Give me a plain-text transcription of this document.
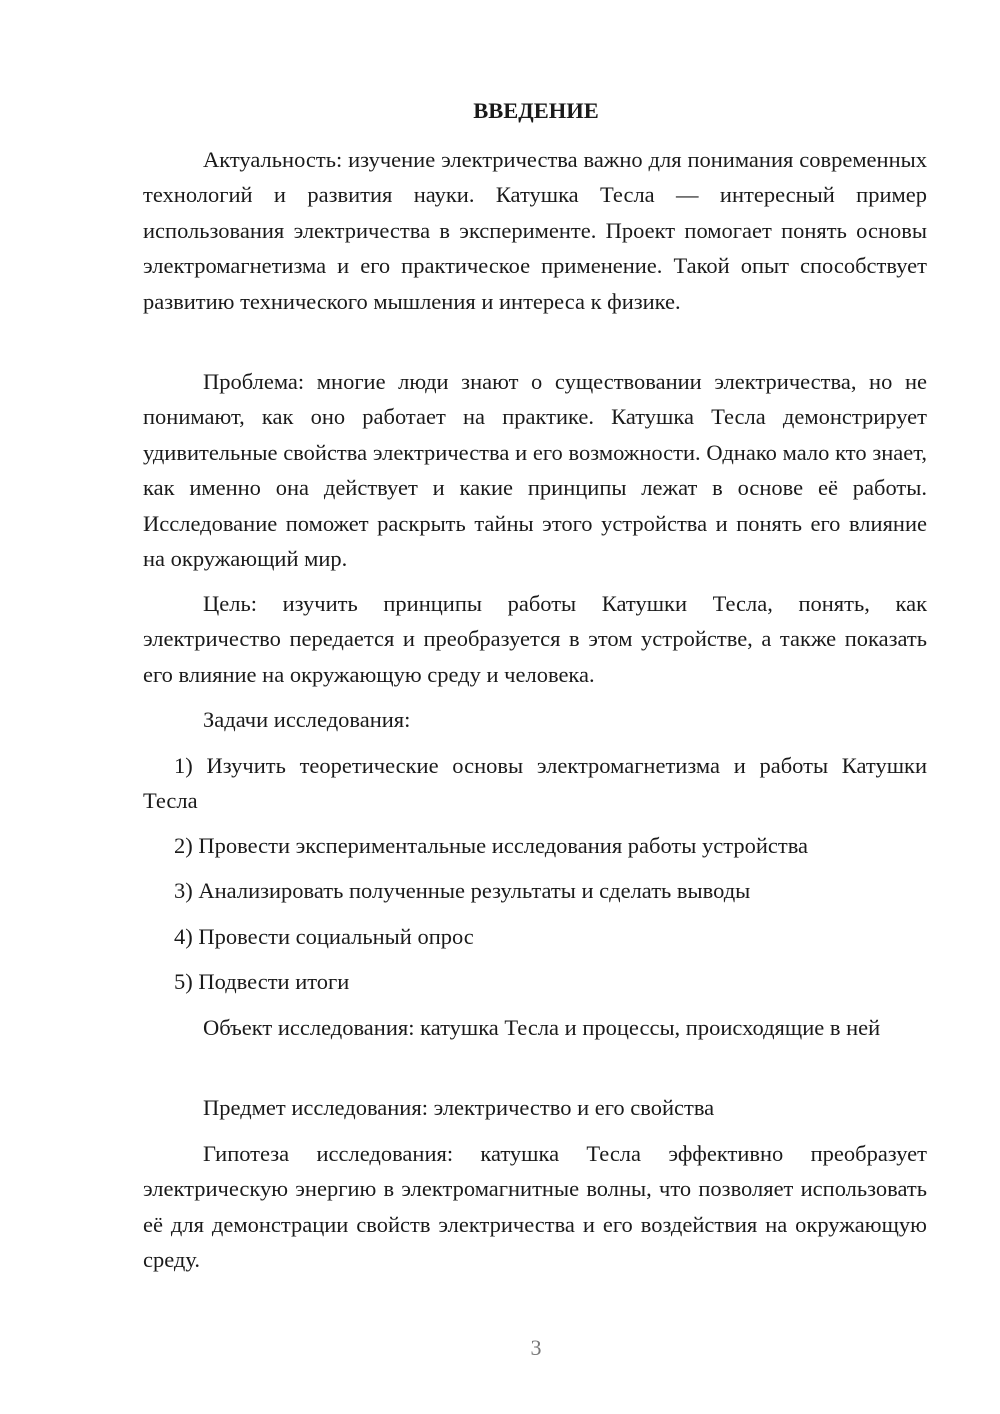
ВВЕДЕНИЕ

Актуальность: изучение электричества важно для понимания современных технологий и развития науки. Катушка Тесла — интересный пример использования электричества в эксперименте. Проект помогает понять основы электромагнетизма и его практическое применение. Такой опыт способствует развитию технического мышления и интереса к физике.

Проблема: многие люди знают о существовании электричества, но не понимают, как оно работает на практике. Катушка Тесла демонстрирует удивительные свойства электричества и его возможности. Однако мало кто знает, как именно она действует и какие принципы лежат в основе её работы. Исследование поможет раскрыть тайны этого устройства и понять его влияние на окружающий мир.

Цель: изучить принципы работы Катушки Тесла, понять, как электричество передается и преобразуется в этом устройстве, а также показать его влияние на окружающую среду и человека.

Задачи исследования:

1) Изучить теоретические основы электромагнетизма и работы Катушки Тесла

2) Провести экспериментальные исследования работы устройства

3) Анализировать полученные результаты и сделать выводы

4) Провести социальный опрос

5) Подвести итоги

Объект исследования: катушка Тесла и процессы, происходящие в ней

Предмет исследования: электричество и его свойства

Гипотеза исследования: катушка Тесла эффективно преобразует электрическую энергию в электромагнитные волны, что позволяет использовать её для демонстрации свойств электричества и его воздействия на окружающую среду.

3
